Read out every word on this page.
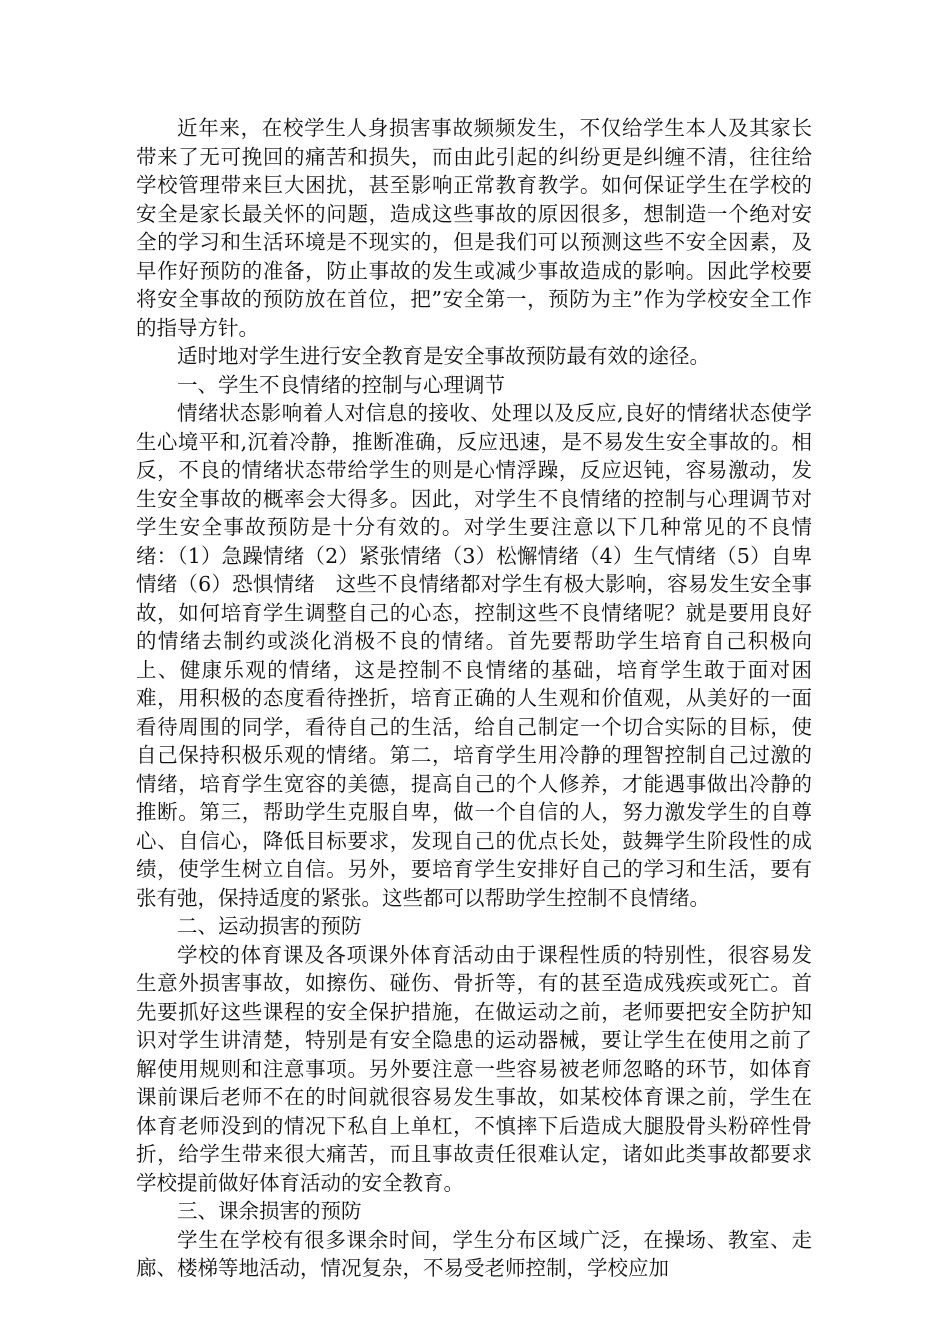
近年来，在校学生人身损害事故频频发生，不仅给学生本人及其家长带来了无可挽回的痛苦和损失，而由此引起的纠纷更是纠缠不清，往往给学校管理带来巨大困扰，甚至影响正常教育教学。如何保证学生在学校的安全是家长最关怀的问题，造成这些事故的原因很多，想制造一个绝对安全的学习和生活环境是不现实的，但是我们可以预测这些不安全因素，及早作好预防的准备，防止事故的发生或减少事故造成的影响。因此学校要将安全事故的预防放在首位，把”安全第一，预防为主”作为学校安全工作的指导方针。

适时地对学生进行安全教育是安全事故预防最有效的途径。

一、学生不良情绪的控制与心理调节

情绪状态影响着人对信息的接收、处理以及反应,良好的情绪状态使学生心境平和,沉着冷静，推断准确，反应迅速，是不易发生安全事故的。相反，不良的情绪状态带给学生的则是心情浮躁，反应迟钝，容易激动，发生安全事故的概率会大得多。因此，对学生不良情绪的控制与心理调节对学生安全事故预防是十分有效的。对学生要注意以下几种常见的不良情绪：（1）急躁情绪（2）紧张情绪（3）松懈情绪（4）生气情绪（5）自卑情绪（6）恐惧情绪　这些不良情绪都对学生有极大影响，容易发生安全事故，如何培育学生调整自己的心态，控制这些不良情绪呢？就是要用良好的情绪去制约或淡化消极不良的情绪。首先要帮助学生培育自己积极向上、健康乐观的情绪，这是控制不良情绪的基础，培育学生敢于面对困难，用积极的态度看待挫折，培育正确的人生观和价值观，从美好的一面看待周围的同学，看待自己的生活，给自己制定一个切合实际的目标，使自己保持积极乐观的情绪。第二，培育学生用冷静的理智控制自己过激的情绪，培育学生宽容的美德，提高自己的个人修养，才能遇事做出冷静的推断。第三，帮助学生克服自卑，做一个自信的人，努力激发学生的自尊心、自信心，降低目标要求，发现自己的优点长处，鼓舞学生阶段性的成绩，使学生树立自信。另外，要培育学生安排好自己的学习和生活，要有张有弛，保持适度的紧张。这些都可以帮助学生控制不良情绪。

二、运动损害的预防

学校的体育课及各项课外体育活动由于课程性质的特别性，很容易发生意外损害事故，如擦伤、碰伤、骨折等，有的甚至造成残疾或死亡。首先要抓好这些课程的安全保护措施，在做运动之前，老师要把安全防护知识对学生讲清楚，特别是有安全隐患的运动器械，要让学生在使用之前了解使用规则和注意事项。另外要注意一些容易被老师忽略的环节，如体育课前课后老师不在的时间就很容易发生事故，如某校体育课之前，学生在体育老师没到的情况下私自上单杠，不慎摔下后造成大腿股骨头粉碎性骨折，给学生带来很大痛苦，而且事故责任很难认定，诸如此类事故都要求学校提前做好体育活动的安全教育。

三、课余损害的预防

学生在学校有很多课余时间，学生分布区域广泛，在操场、教室、走廊、楼梯等地活动，情况复杂，不易受老师控制，学校应加
